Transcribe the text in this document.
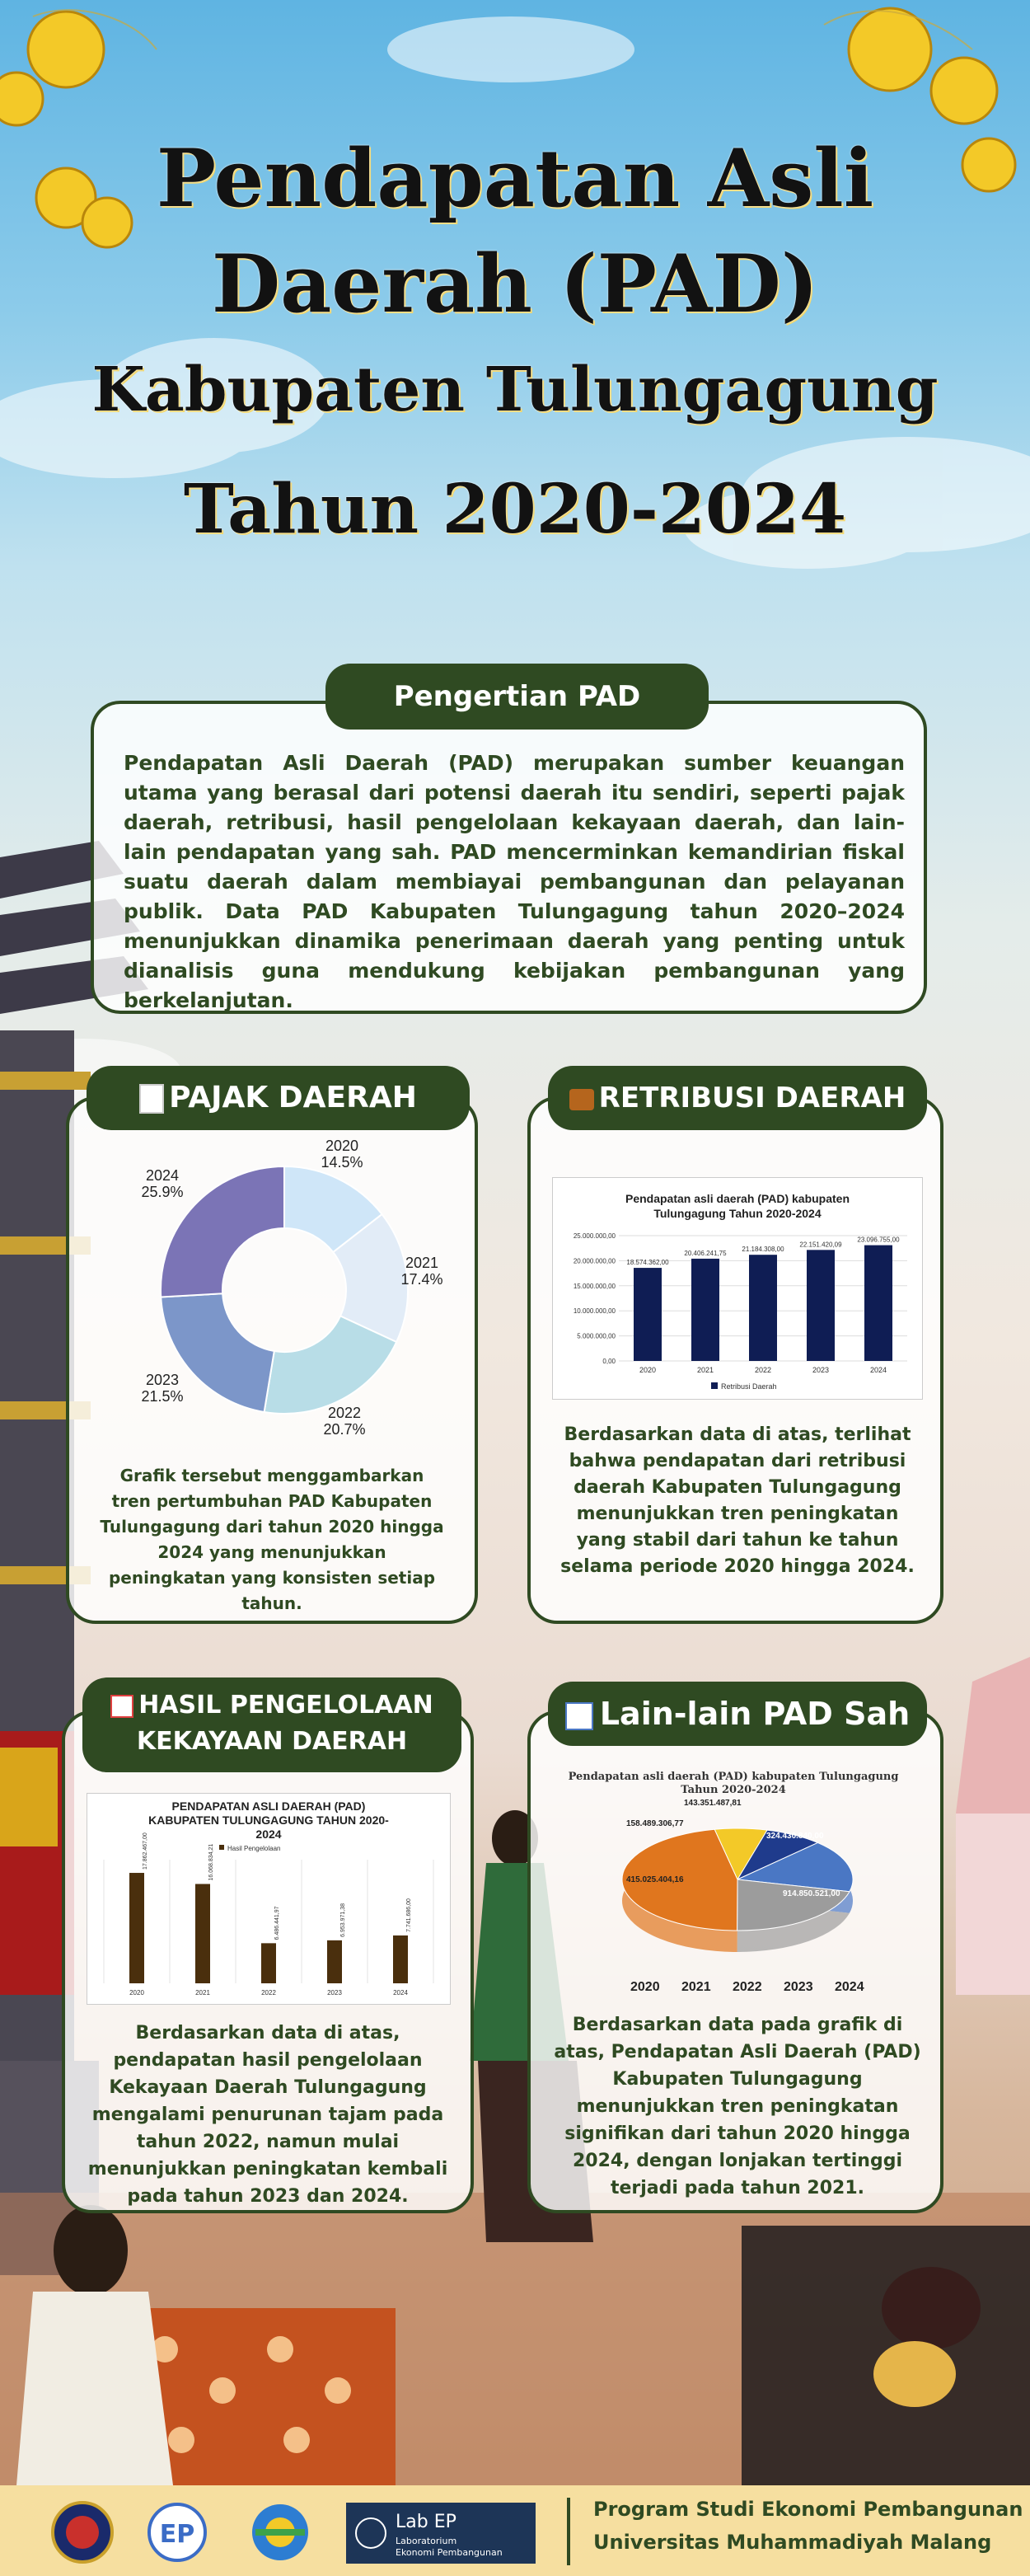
Pendapatan Asli
Daerah (PAD)
Kabupaten Tulungagung
Tahun 2020-2024
Pengertian PAD
Pendapatan Asli Daerah (PAD) merupakan sumber keuangan utama yang berasal dari potensi daerah itu sendiri, seperti pajak daerah, retribusi, hasil pengelolaan kekayaan daerah, dan lain-lain pendapatan yang sah. PAD mencerminkan kemandirian fiskal suatu daerah dalam membiayai pembangunan dan pelayanan publik. Data PAD Kabupaten Tulungagung tahun 2020–2024 menunjukkan dinamika penerimaan daerah yang penting untuk dianalisis guna mendukung kebijakan pembangunan yang berkelanjutan.
PAJAK DAERAH
2020
14.5%
2021
17.4%
2022
20.7%
2023
21.5%
2024
25.9%
Grafik tersebut menggambarkan tren pertumbuhan PAD Kabupaten Tulungagung dari tahun 2020 hingga 2024 yang menunjukkan peningkatan yang konsisten setiap tahun.
RETRIBUSI DAERAH
Pendapatan asli daerah (PAD) kabupaten
Tulungagung Tahun 2020-2024
0,00
5.000.000,00
10.000.000,00
15.000.000,00
20.000.000,00
25.000.000,00
18.574.362,00
2020
20.406.241,75
2021
21.184.308,00
2022
22.151.420,09
2023
23.096.755,00
2024
Retribusi Daerah
Berdasarkan data di atas, terlihat bahwa pendapatan dari retribusi daerah Kabupaten Tulungagung menunjukkan tren peningkatan yang stabil dari tahun ke tahun selama periode 2020 hingga 2024.
HASIL PENGELOLAAN
KEKAYAAN DAERAH
PENDAPATAN ASLI DAERAH (PAD)
KABUPATEN TULUNGAGUNG TAHUN 2020-
2024
Hasil Pengelolaan
17.862.467,00
2020
16.068.834,21
2021
6.486.441,97
2022
6.953.971,38
2023
7.741.686,00
2024
Berdasarkan data di atas, pendapatan hasil pengelolaan Kekayaan Daerah Tulungagung mengalami penurunan tajam pada tahun 2022, namun mulai menunjukkan peningkatan kembali pada tahun 2023 dan 2024.
Lain-lain PAD Sah
Pendapatan asli daerah (PAD) kabupaten Tulungagung
Tahun 2020-2024
143.351.487,81
158.489.306,77
324.430.840,00
415.025.404,16
914.850.521,00
2020 2021 2022 2023 2024
Berdasarkan data pada grafik di atas, Pendapatan Asli Daerah (PAD) Kabupaten Tulungagung menunjukkan tren peningkatan signifikan dari tahun 2020 hingga 2024, dengan lonjakan tertinggi terjadi pada tahun 2021.
EP	Lab EP
Laboratorium
Ekonomi Pembangunan
Program Studi Ekonomi Pembangunan
Universitas Muhammadiyah Malang
